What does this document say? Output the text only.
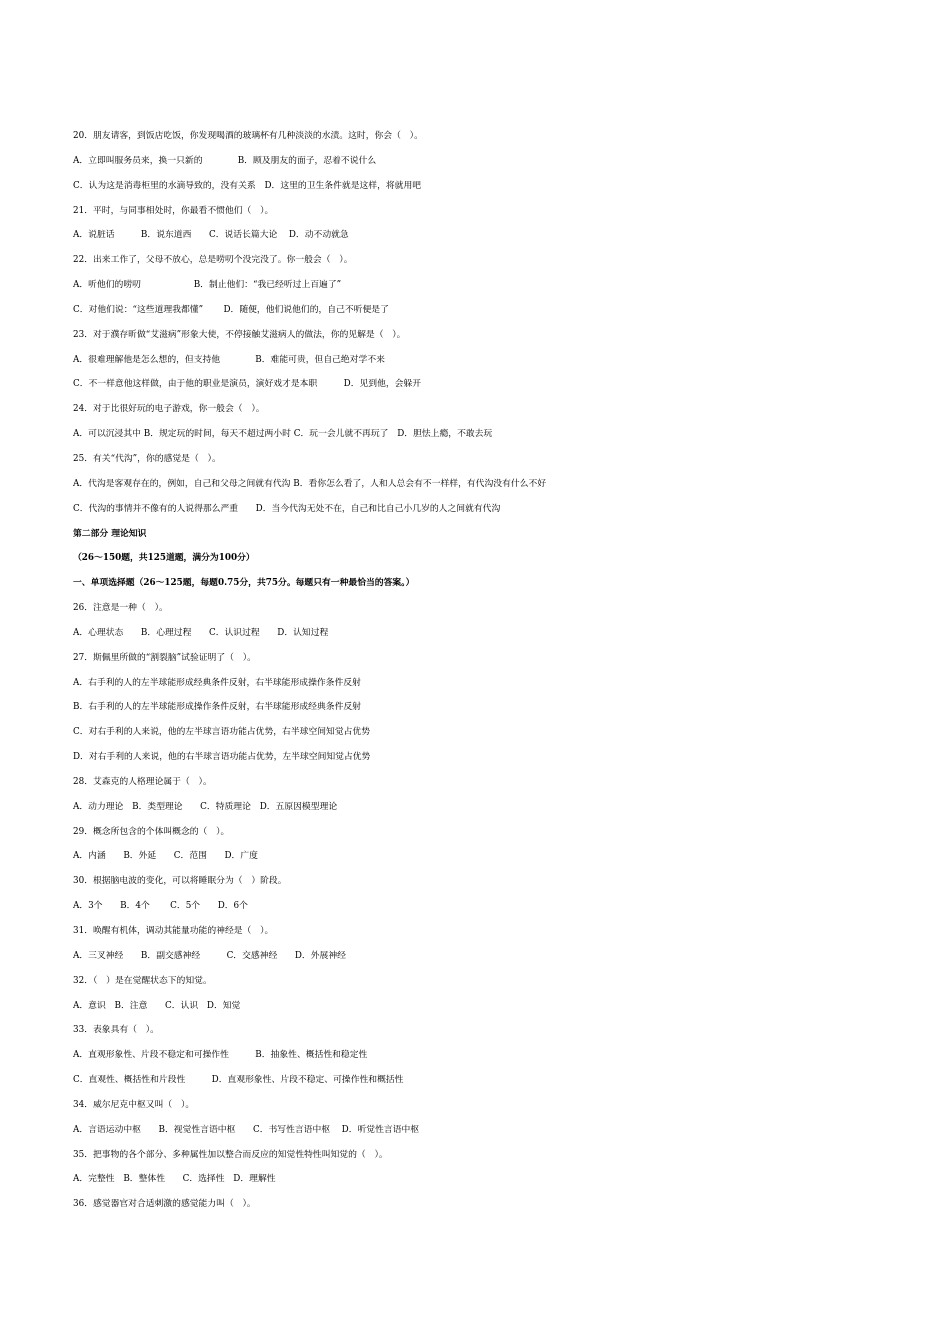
20．朋友请客，到饭店吃饭，你发现喝酒的玻璃杯有几种淡淡的水渍。这时，你会（　）。
A．立即叫服务员来，换一只新的　　　　B．顾及朋友的面子，忍着不说什么
C．认为这是消毒柜里的水滴导致的，没有关系　D．这里的卫生条件就是这样，将就用吧
21．平时，与同事相处时，你最看不惯他们（　）。
A．说脏话　　　B．说东道西　　C．说话长篇大论　 D．动不动就急
22．出来工作了，父母不放心，总是唠叨个没完没了。你一般会（　）。
A．听他们的唠叨　　　　　　B．制止他们：“我已经听过上百遍了”
C．对他们说：“这些道理我都懂”　　 D．随便，他们说他们的，自己不听便是了
23．对于濮存昕做“艾滋病”形象大使，不停接触艾滋病人的做法，你的见解是（　）。
A．很难理解他是怎么想的，但支持他　　　　B．难能可贵，但自己绝对学不来
C．不一样意他这样做，由于他的职业是演员，演好戏才是本职　　　D．见到他，会躲开
24．对于比很好玩的电子游戏，你一般会（　）。
A．可以沉浸其中 B．规定玩的时间，每天不超过两小时 C．玩一会儿就不再玩了　D．胆怯上瘾，不敢去玩
25．有关“代沟”，你的感觉是（　）。
A．代沟是客观存在的，例如，自己和父母之间就有代沟 B．看你怎么看了，人和人总会有不一样样，有代沟没有什么不好
C．代沟的事情并不像有的人说得那么严重　　D．当今代沟无处不在，自己和比自己小几岁的人之间就有代沟
第二部分 理论知识
（26～150题，共125道题，满分为100分）
一、单项选择题（26～125题，每题0.75分，共75分。每题只有一种最恰当的答案。）
26．注意是一种（　）。
A．心理状态　　B．心理过程　　C．认识过程　　D．认知过程
27．斯佩里所做的“割裂脑”试验证明了（　）。
A．右手利的人的左半球能形成经典条件反射，右半球能形成操作条件反射
B．右手利的人的左半球能形成操作条件反射，右半球能形成经典条件反射
C．对右手利的人来说，他的左半球言语功能占优势，右半球空间知觉占优势
D．对右手利的人来说，他的右半球言语功能占优势，左半球空间知觉占优势
28．艾森克的人格理论属于（　）。
A．动力理论　B．类型理论　　C．特质理论　D．五原因模型理论
29．概念所包含的个体叫概念的（　）。
A．内涵　　B．外延　　C．范围　　D．广度
30．根据脑电波的变化，可以将睡眠分为（　）阶段。
A．3个　　B．4个　　 C．5个　　D．6个
31．唤醒有机体，调动其能量功能的神经是（　）。
A．三叉神经　　B．副交感神经　　　C．交感神经　　D．外展神经
32．（　）是在觉醒状态下的知觉。
A．意识　B．注意　　C．认识　D．知觉
33．表象具有（　）。
A．直观形象性、片段不稳定和可操作性　　　B．抽象性、概括性和稳定性
C．直观性、概括性和片段性　　　D．直观形象性、片段不稳定、可操作性和概括性
34．威尔尼克中枢又叫（　）。
A．言语运动中枢　　B．视觉性言语中枢　　C．书写性言语中枢　 D．听觉性言语中枢
35．把事物的各个部分、多种属性加以整合而反应的知觉性特性叫知觉的（　）。
A．完整性　B．整体性　　C．选择性　D．理解性
36．感觉器官对合适刺激的感觉能力叫（　）。
